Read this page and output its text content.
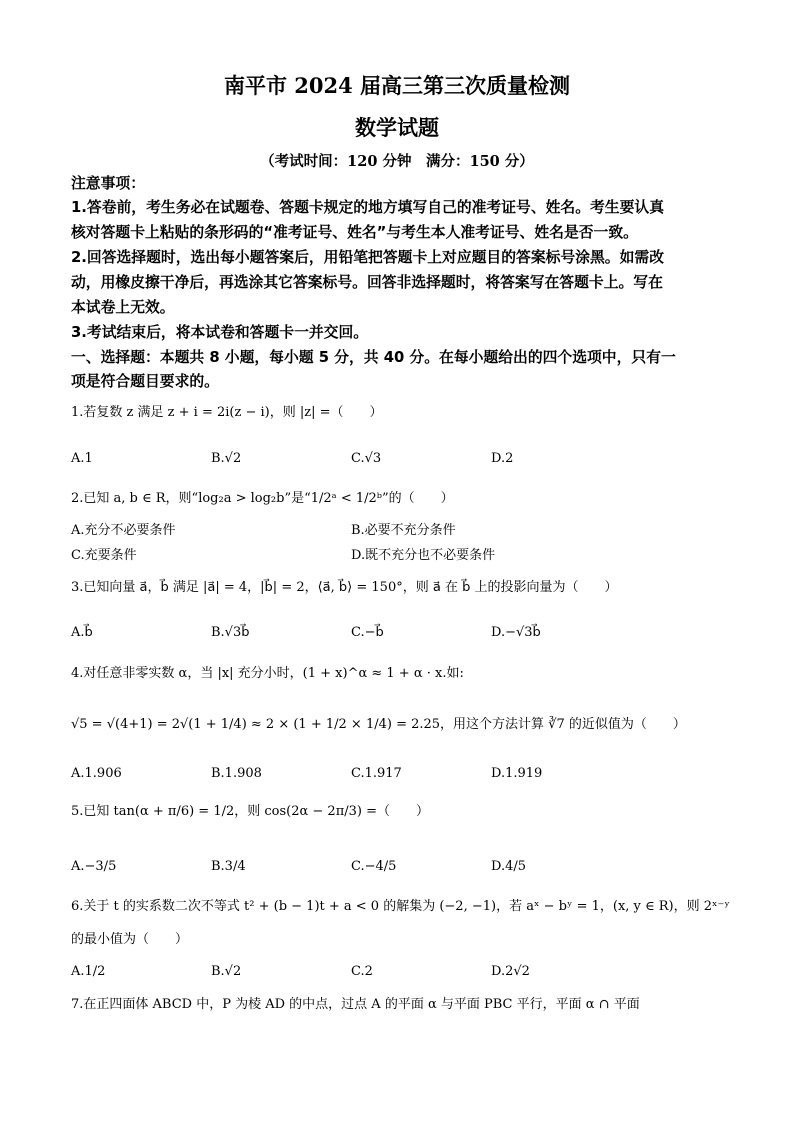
南平市 2024 届高三第三次质量检测
数学试题
（考试时间：120 分钟　满分：150 分）
注意事项：
1.答卷前，考生务必在试题卷、答题卡规定的地方填写自己的准考证号、姓名。考生要认真
核对答题卡上粘贴的条形码的“准考证号、姓名”与考生本人准考证号、姓名是否一致。
2.回答选择题时，选出每小题答案后，用铅笔把答题卡上对应题目的答案标号涂黑。如需改
动，用橡皮擦干净后，再选涂其它答案标号。回答非选择题时，将答案写在答题卡上。写在
本试卷上无效。
3.考试结束后，将本试卷和答题卡一并交回。
一、选择题：本题共 8 小题，每小题 5 分，共 40 分。在每小题给出的四个选项中，只有一
项是符合题目要求的。
1.若复数 z 满足 z + i = 2i(z − i)，则 |z| =（　　）
A.1	B.√2	C.√3	D.2
2.已知 a, b ∈ R，则“log₂a > log₂b”是“1/2ᵃ < 1/2ᵇ”的（　　）
A.充分不必要条件	B.必要不充分条件
C.充要条件	D.既不充分也不必要条件
3.已知向量 a⃗，b⃗ 满足 |a⃗| = 4，|b⃗| = 2，⟨a⃗, b⃗⟩ = 150°，则 a⃗ 在 b⃗ 上的投影向量为（　　）
A.b⃗	B.√3b⃗	C.−b⃗	D.−√3b⃗
4.对任意非零实数 α，当 |x| 充分小时，(1 + x)^α ≈ 1 + α · x.如:
√5 = √(4+1) = 2√(1 + 1/4) ≈ 2 × (1 + 1/2 × 1/4) = 2.25，用这个方法计算 ∛7 的近似值为（　　）
A.1.906	B.1.908	C.1.917	D.1.919
5.已知 tan(α + π/6) = 1/2，则 cos(2α − 2π/3) =（　　）
A.−3/5	B.3/4	C.−4/5	D.4/5
6.关于 t 的实系数二次不等式 t² + (b − 1)t + a < 0 的解集为 (−2, −1)，若 aˣ − bʸ = 1，(x, y ∈ R)，则 2ˣ⁻ʸ
的最小值为（　　）
A.1/2	B.√2	C.2	D.2√2
7.在正四面体 ABCD 中，P 为棱 AD 的中点，过点 A 的平面 α 与平面 PBC 平行，平面 α ∩ 平面
